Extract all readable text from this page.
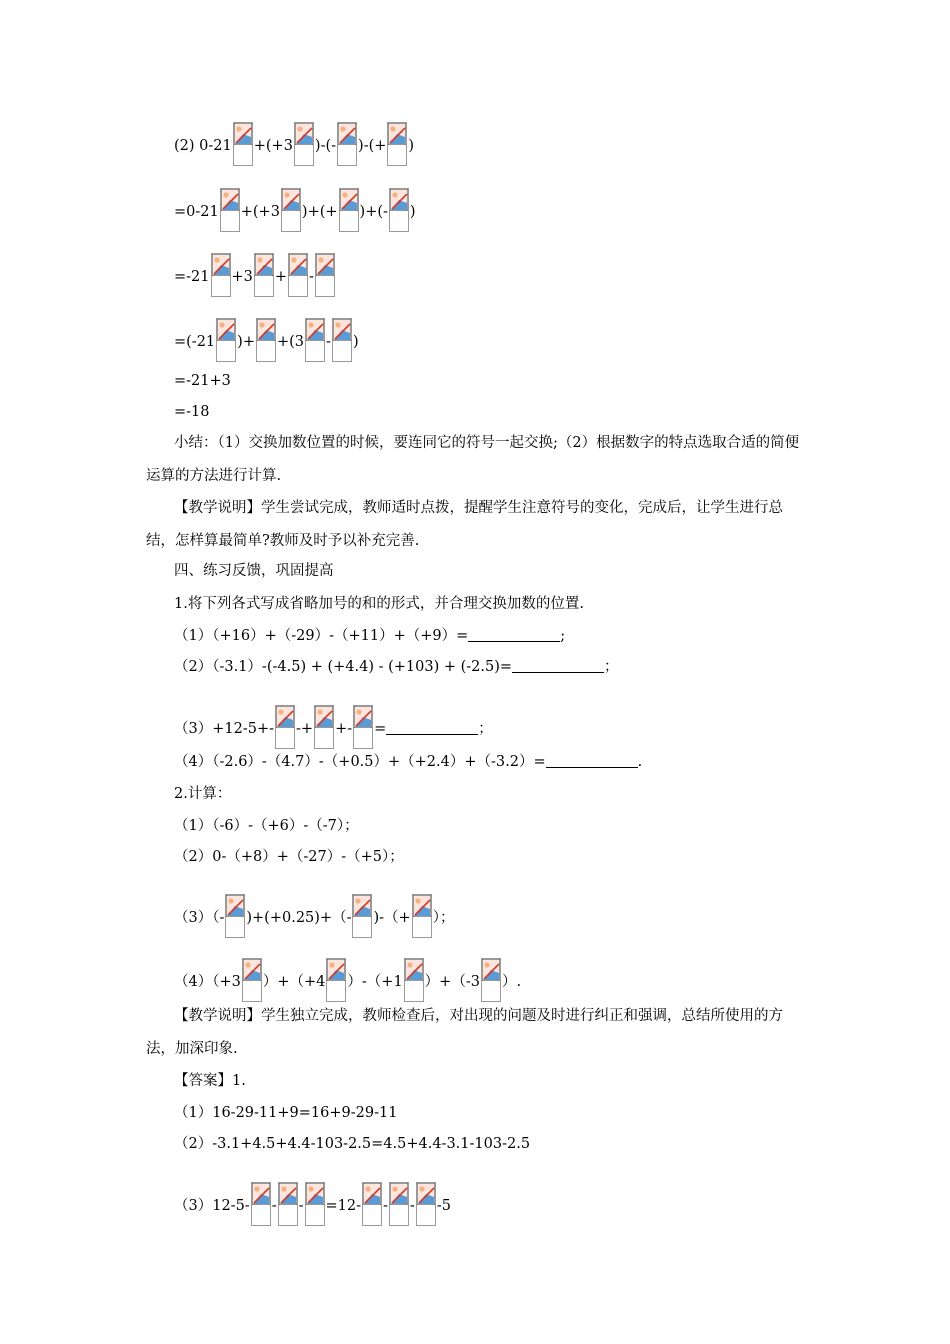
(2) 0-21 +(+3 )-(- )-(+ )
=0-21 +(+3 )+(+ )+(- )
=-21 +3 + -
=(-21 )+ +(3 - )
=-21+3
=-18
小结：（1）交换加数位置的时候，要连同它的符号一起交换;（2）根据数字的特点选取合适的简便运算的方法进行计算.
【教学说明】学生尝试完成，教师适时点拨，提醒学生注意符号的变化，完成后，让学生进行总结，怎样算最简单?教师及时予以补充完善.
四、练习反馈，巩固提高
1.将下列各式写成省略加号的和的形式，并合理交换加数的位置.
（1）（+16）+（-29）-（+11）+（+9）=	;
（2）（-3.1）-(-4.5) + (+4.4) - (+103) + (-2.5)=	；
（3）+12-5+- -+ +- =	；
（4）（-2.6）-（4.7）-（+0.5）+（+2.4）+（-3.2）=	.
2.计算：
（1）（-6）-（+6）-（-7）；
（2）0-（+8）+（-27）-（+5）；
（3）（- )+(+0.25)+（- )-（+ ）；
（4）（+3 ）+（+4 ）-（+1 ）+（-3 ）.
【教学说明】学生独立完成，教师检查后，对出现的问题及时进行纠正和强调，总结所使用的方法，加深印象.
【答案】1.
（1）16-29-11+9=16+9-29-11
（2）-3.1+4.5+4.4-103-2.5=4.5+4.4-3.1-103-2.5
（3）12-5- - - =12- - - -5
